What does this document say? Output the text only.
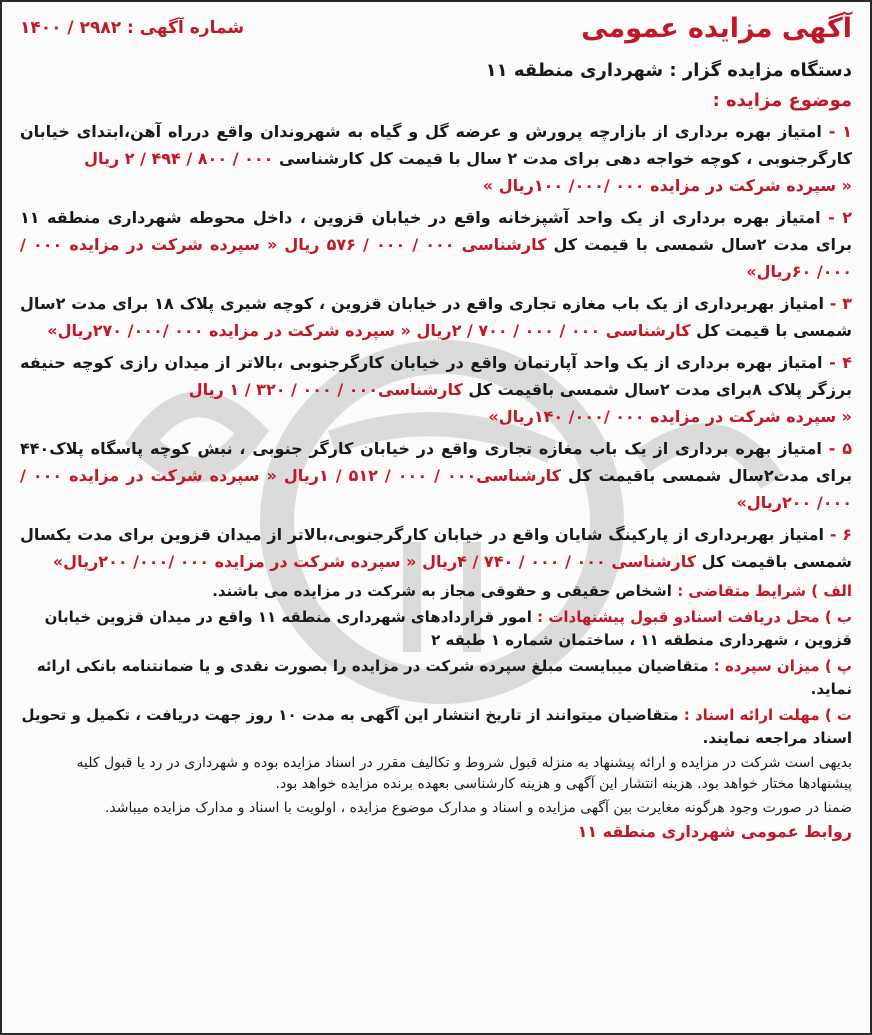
آگهی مزایده عمومی
شماره آگهی : ۲۹۸۲ / ۱۴۰۰
دستگاه مزایده گزار : شهرداری منطقه ۱۱
موضوع مزایده :
۱ - امتیاز بهره برداری از بازارچه پرورش و عرضه گل و گیاه به شهروندان واقع درراه آهن،ابتدای خیابان کارگرجنوبی ، کوچه خواجه دهی برای مدت ۲ سال با قیمت کل کارشناسی ۰۰۰ / ۸۰۰ / ۴۹۴ / ۲ ریال
« سپرده شرکت در مزایده ۰۰۰ /۰۰۰/ ۱۰۰ریال »
۲ - امتیاز بهره برداری از یک واحد آشپزخانه واقع در خیابان قزوین ، داخل محوطه شهرداری منطقه ۱۱ برای مدت ۲سال شمسی با قیمت کل کارشناسی ۰۰۰ / ۰۰۰ / ۵۷۶ ریال « سپرده شرکت در مزایده ۰۰۰ /۰۰۰/ ۶۰ریال»
۳ - امتیاز بهربرداری از یک باب مغازه تجاری واقع در خیابان قزوین ، کوچه شیری پلاک ۱۸ برای مدت ۲سال شمسی با قیمت کل کارشناسی ۰۰۰ / ۰۰۰ / ۷۰۰ / ۲ریال « سپرده شرکت در مزایده ۰۰۰ /۰۰۰/ ۲۷۰ریال»
۴ - امتیاز بهره برداری از یک واحد آپارتمان واقع در خیابان کارگرجنوبی ،بالاتر از میدان رازی کوچه حنیفه برزگر پلاک ۸برای مدت ۲سال شمسی باقیمت کل کارشناسی۰۰۰ / ۰۰۰ / ۳۲۰ / ۱ ریال
« سپرده شرکت در مزایده ۰۰۰ /۰۰۰/ ۱۴۰ریال»
۵ - امتیاز بهره برداری از یک باب مغازه تجاری واقع در خیابان کارگر جنوبی ، نبش کوچه پاسگاه پلاک۴۴۰ برای مدت۲سال شمسی باقیمت کل کارشناسی۰۰۰ / ۰۰۰ / ۵۱۲ / ۱ریال « سپرده شرکت در مزایده ۰۰۰ /۰۰۰/ ۲۰۰ریال»
۶ - امتیاز بهربرداری از پارکینگ شایان واقع در خیابان کارگرجنوبی،بالاتر از میدان قزوین برای مدت یکسال شمسی باقیمت کل کارشناسی ۰۰۰ / ۰۰۰ / ۷۴۰ / ۴ریال « سپرده شرکت در مزایده ۰۰۰ /۰۰۰/ ۲۰۰ریال»
الف ) شرایط متقاضی : اشخاص حقیقی و حقوقی مجاز به شرکت در مزایده می باشند.
ب ) محل دریافت اسنادو قبول پیشنهادات : امور قراردادهای شهرداری منطقه ۱۱ واقع در میدان قزوین خیابان قزوین ، شهرداری منطقه ۱۱ ، ساختمان شماره ۱ طبقه ۲
پ ) میزان سپرده : متقاضیان میبایست مبلغ سپرده شرکت در مزایده را بصورت نقدی و یا ضمانتنامه بانکی ارائه نماید.
ت ) مهلت ارائه اسناد : متقاضیان میتوانند از تاریخ انتشار این آگهی به مدت ۱۰ روز جهت دریافت ، تکمیل و تحویل اسناد مراجعه نمایند.
بدیهی است شرکت در مزایده و ارائه پیشنهاد به منزله قبول شروط و تکالیف مقرر در اسناد مزایده بوده و شهرداری در رد یا قبول کلیه پیشنهادها مختار خواهد بود. هزینه انتشار این آگهی و هزینه کارشناسی بعهده برنده مزایده خواهد بود.
ضمنا در صورت وجود هرگونه مغایرت بین آگهی مزایده و اسناد و مدارک موضوع مزایده ، اولویت با اسناد و مدارک مزایده میباشد.
روابط عمومی شهرداری منطقه ۱۱
